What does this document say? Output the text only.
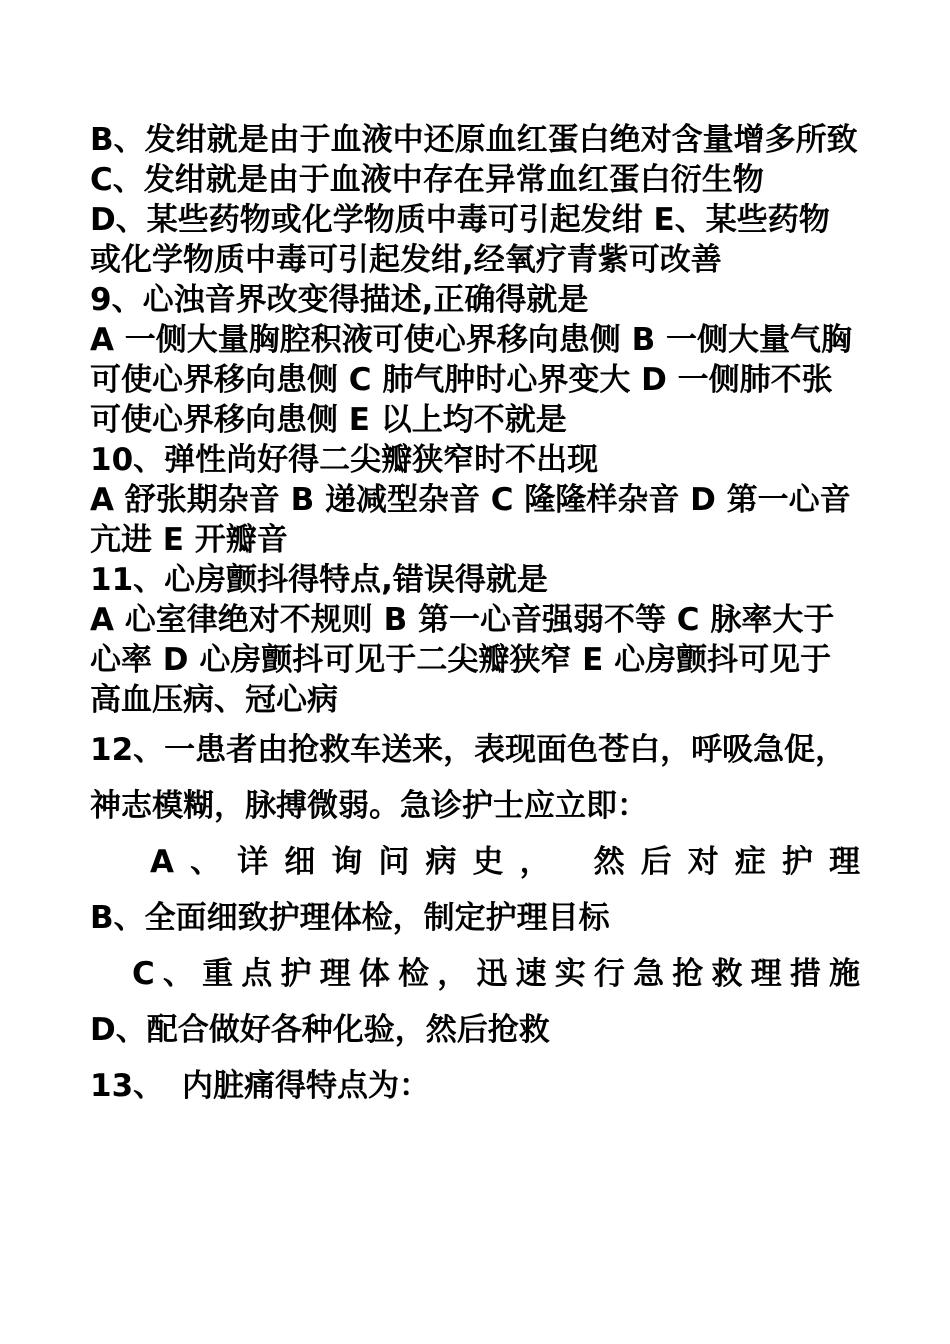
B、发绀就是由于血液中还原血红蛋白绝对含量增多所致

C、发绀就是由于血液中存在异常血红蛋白衍生物

D、某些药物或化学物质中毒可引起发绀 E、某些药物或化学物质中毒可引起发绀,经氧疗青紫可改善

9、心浊音界改变得描述,正确得就是

A 一侧大量胸腔积液可使心界移向患侧 B 一侧大量气胸可使心界移向患侧 C 肺气肿时心界变大 D 一侧肺不张可使心界移向患侧 E 以上均不就是

10、弹性尚好得二尖瓣狭窄时不出现

A 舒张期杂音 B 递减型杂音 C 隆隆样杂音 D 第一心音亢进 E 开瓣音

11、心房颤抖得特点,错误得就是

A 心室律绝对不规则 B 第一心音强弱不等 C 脉率大于心率 D 心房颤抖可见于二尖瓣狭窄 E 心房颤抖可见于高血压病、冠心病

12、一患者由抢救车送来，表现面色苍白，呼吸急促，神志模糊，脉搏微弱。急诊护士应立即：

A、详细询问病史， 然后对症护理

B、全面细致护理体检，制定护理目标

C、重点护理体检，迅速实行急抢救理措施

D、配合做好各种化验，然后抢救

13、 内脏痛得特点为：
